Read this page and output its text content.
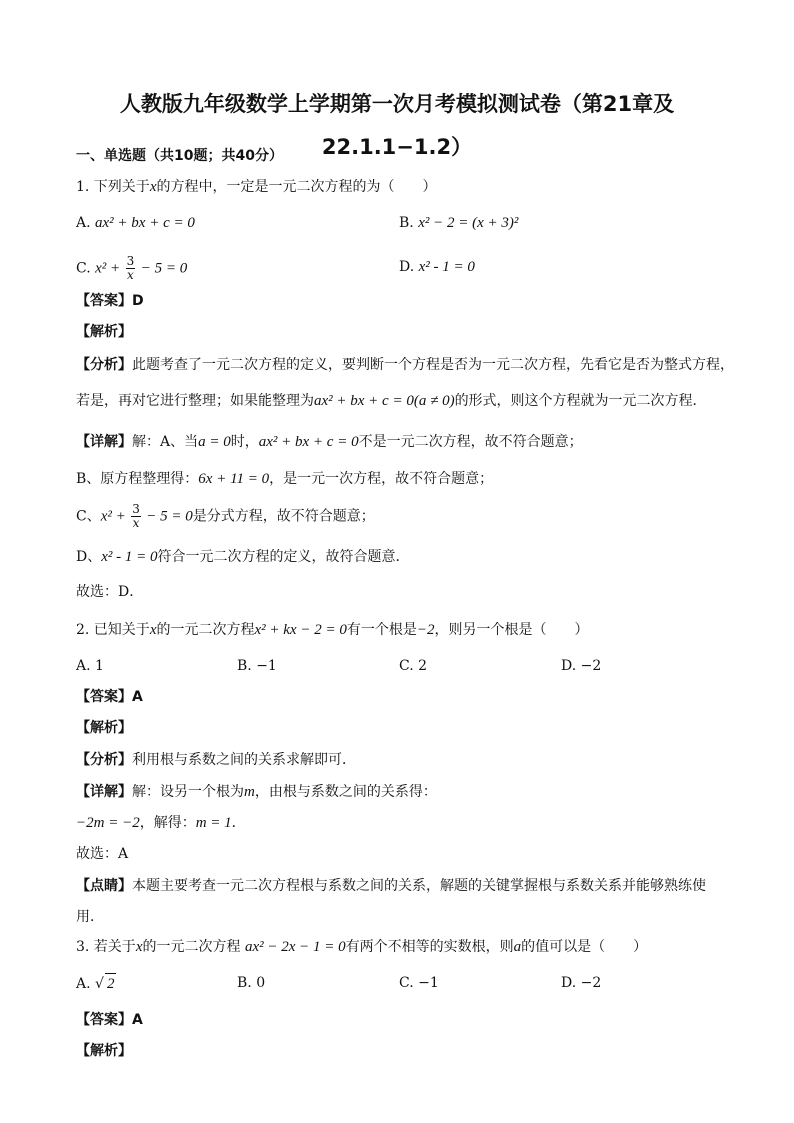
人教版九年级数学上学期第一次月考模拟测试卷（第21章及
22.1.1−1.2）
一、单选题（共10题；共40分）
1. 下列关于x的方程中，一定是一元二次方程的为（　　）
A. ax² + bx + c = 0	B. x² − 2 = (x + 3)²
C. $x^2 + \frac{3}{x} - 5 = 0$	D. x² - 1 = 0
【答案】D
【解析】
【分析】此题考查了一元二次方程的定义，要判断一个方程是否为一元二次方程，先看它是否为整式方程，
若是，再对它进行整理；如果能整理为ax² + bx + c = 0(a ≠ 0)的形式，则这个方程就为一元二次方程．
【详解】解：A、当a = 0时，ax² + bx + c = 0不是一元二次方程，故不符合题意；
B、原方程整理得：6x + 11 = 0，是一元一次方程，故不符合题意；
C、$x^2 + \frac{3}{x} - 5 = 0$是分式方程，故不符合题意；
D、x² - 1 = 0符合一元二次方程的定义，故符合题意．
故选：D．
2. 已知关于x的一元二次方程x² + kx − 2 = 0有一个根是−2，则另一个根是（　　）
A. 1	B. −1	C. 2	D. −2
【答案】A
【解析】
【分析】利用根与系数之间的关系求解即可．
【详解】解：设另一个根为m，由根与系数之间的关系得：
−2m = −2，解得：m = 1．
故选：A
【点睛】本题主要考查一元二次方程根与系数之间的关系，解题的关键掌握根与系数关系并能够熟练使
用．
3. 若关于x的一元二次方程 ax² − 2x − 1 = 0有两个不相等的实数根，则a的值可以是（　　）
A. √ 2	B. 0	C. −1	D. −2
【答案】A
【解析】
